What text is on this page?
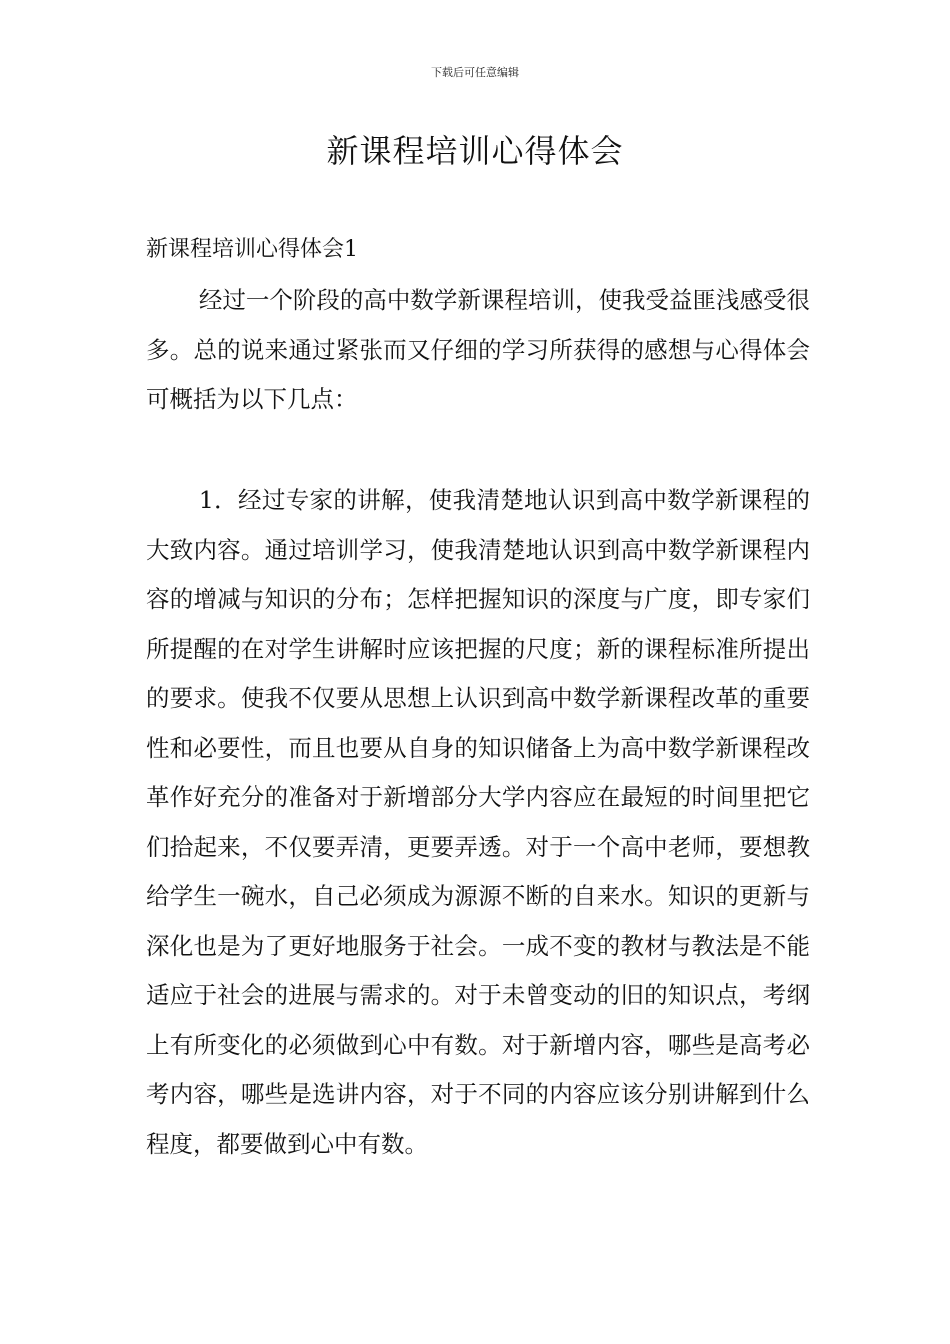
下载后可任意编辑
新课程培训心得体会
新课程培训心得体会1

经过一个阶段的高中数学新课程培训，使我受益匪浅感受很多。总的说来通过紧张而又仔细的学习所获得的感想与心得体会可概括为以下几点：

1．经过专家的讲解，使我清楚地认识到高中数学新课程的大致内容。通过培训学习，使我清楚地认识到高中数学新课程内容的增减与知识的分布；怎样把握知识的深度与广度，即专家们所提醒的在对学生讲解时应该把握的尺度；新的课程标准所提出的要求。使我不仅要从思想上认识到高中数学新课程改革的重要性和必要性，而且也要从自身的知识储备上为高中数学新课程改革作好充分的准备对于新增部分大学内容应在最短的时间里把它们拾起来，不仅要弄清，更要弄透。对于一个高中老师，要想教给学生一碗水，自己必须成为源源不断的自来水。知识的更新与深化也是为了更好地服务于社会。一成不变的教材与教法是不能适应于社会的进展与需求的。对于未曾变动的旧的知识点，考纲上有所变化的必须做到心中有数。对于新增内容，哪些是高考必考内容，哪些是选讲内容，对于不同的内容应该分别讲解到什么程度，都要做到心中有数。
